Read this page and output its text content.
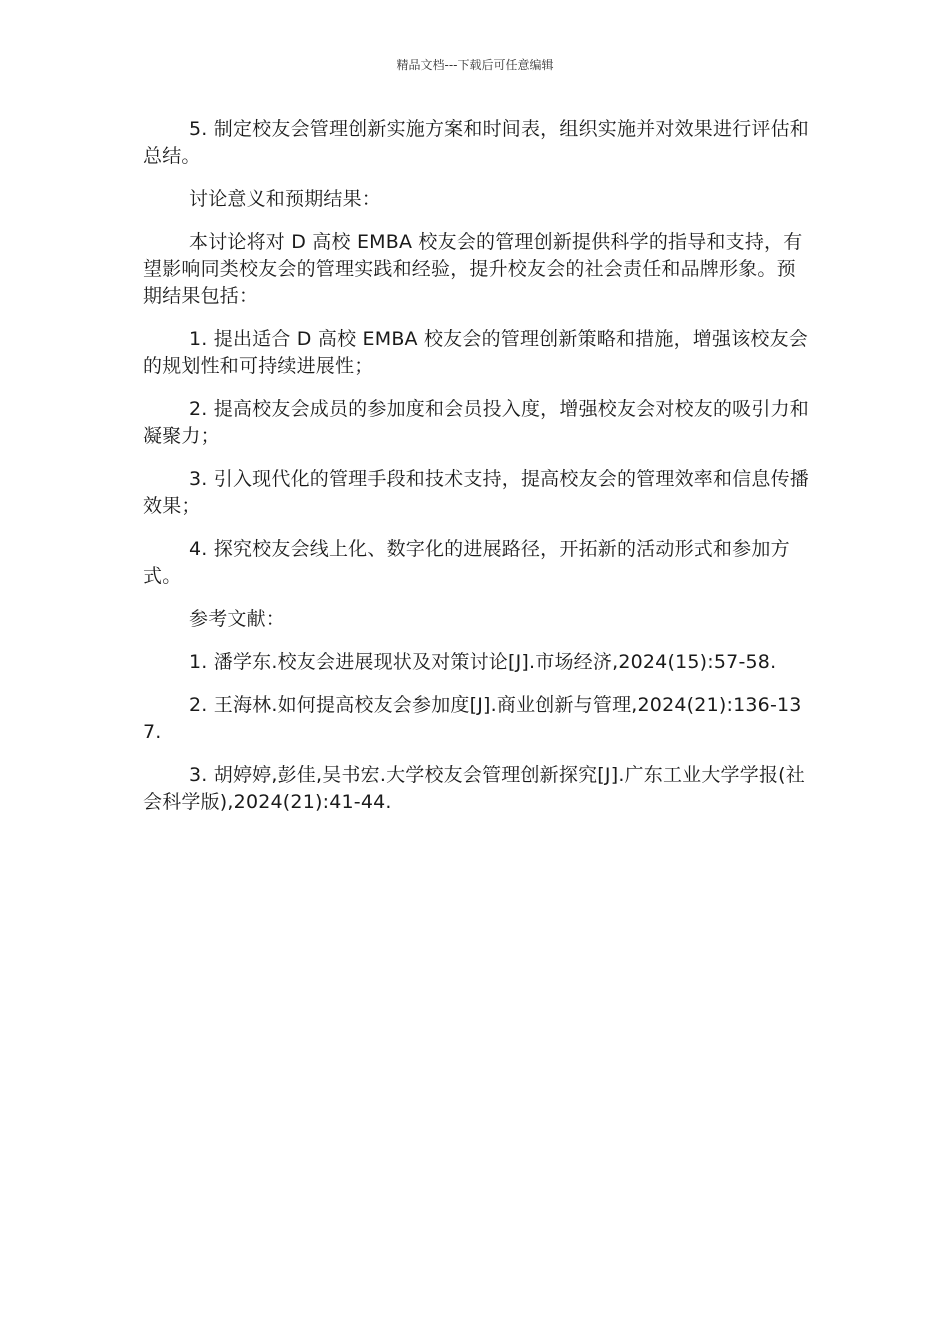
精品文档---下载后可任意编辑

5. 制定校友会管理创新实施方案和时间表，组织实施并对效果进行评估和总结。

讨论意义和预期结果：

本讨论将对 D 高校 EMBA 校友会的管理创新提供科学的指导和支持，有望影响同类校友会的管理实践和经验，提升校友会的社会责任和品牌形象。预期结果包括：

1. 提出适合 D 高校 EMBA 校友会的管理创新策略和措施，增强该校友会的规划性和可持续进展性；

2. 提高校友会成员的参加度和会员投入度，增强校友会对校友的吸引力和凝聚力；

3. 引入现代化的管理手段和技术支持，提高校友会的管理效率和信息传播效果；

4. 探究校友会线上化、数字化的进展路径，开拓新的活动形式和参加方式。

参考文献：

1. 潘学东.校友会进展现状及对策讨论[J].市场经济,2024(15):57-58.

2. 王海林.如何提高校友会参加度[J].商业创新与管理,2024(21):136-137.

3. 胡婷婷,彭佳,吴书宏.大学校友会管理创新探究[J].广东工业大学学报(社会科学版),2024(21):41-44.
